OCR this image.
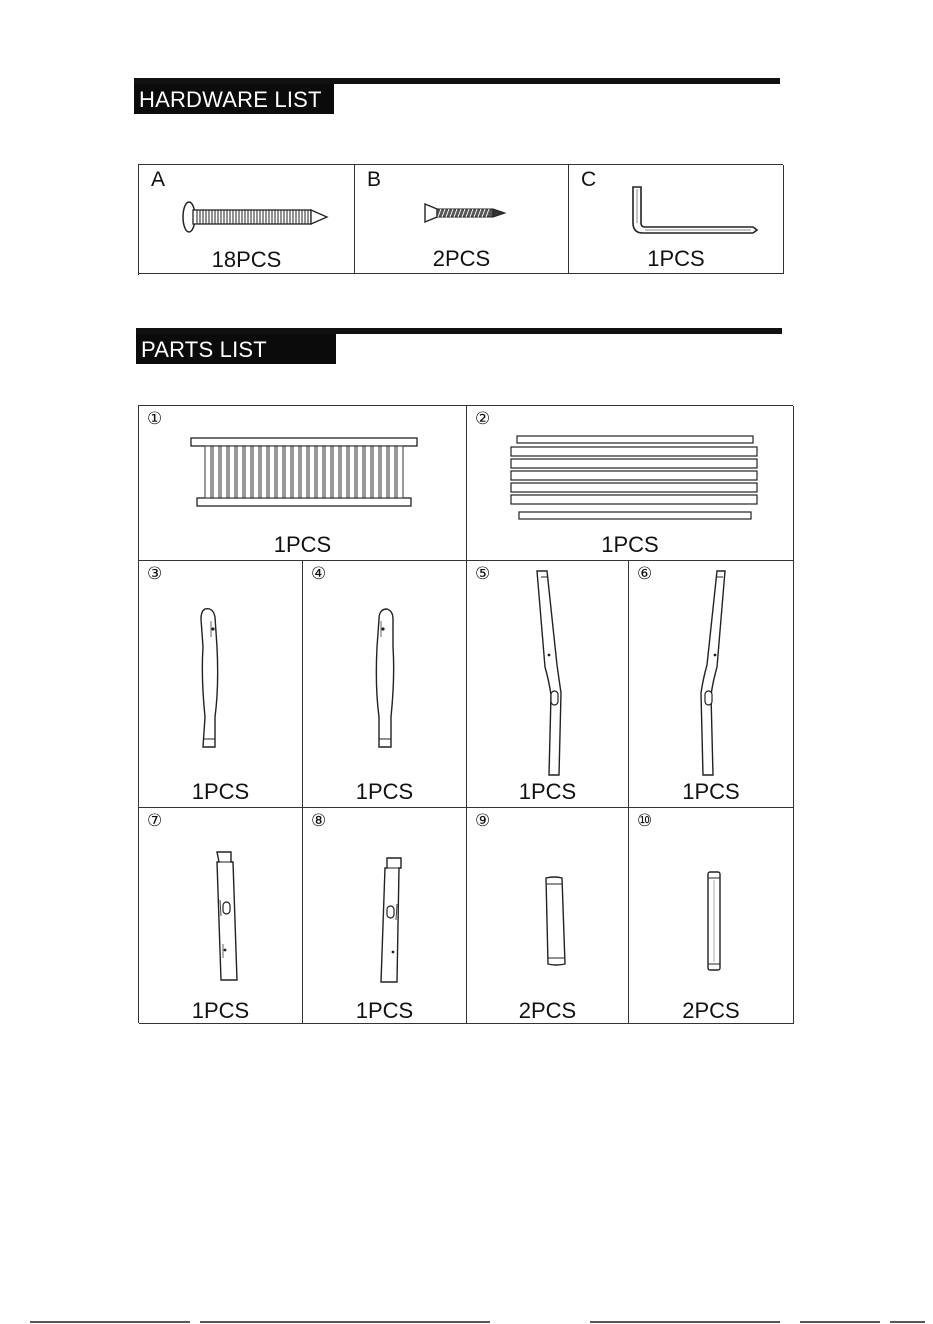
HARDWARE LIST
A
18PCS
B
2PCS
C
1PCS
PARTS LIST
①
1PCS
②
1PCS
③
1PCS
④
1PCS
⑤
1PCS
⑥
1PCS
⑦
1PCS
⑧
1PCS
⑨
2PCS
⑩
2PCS
